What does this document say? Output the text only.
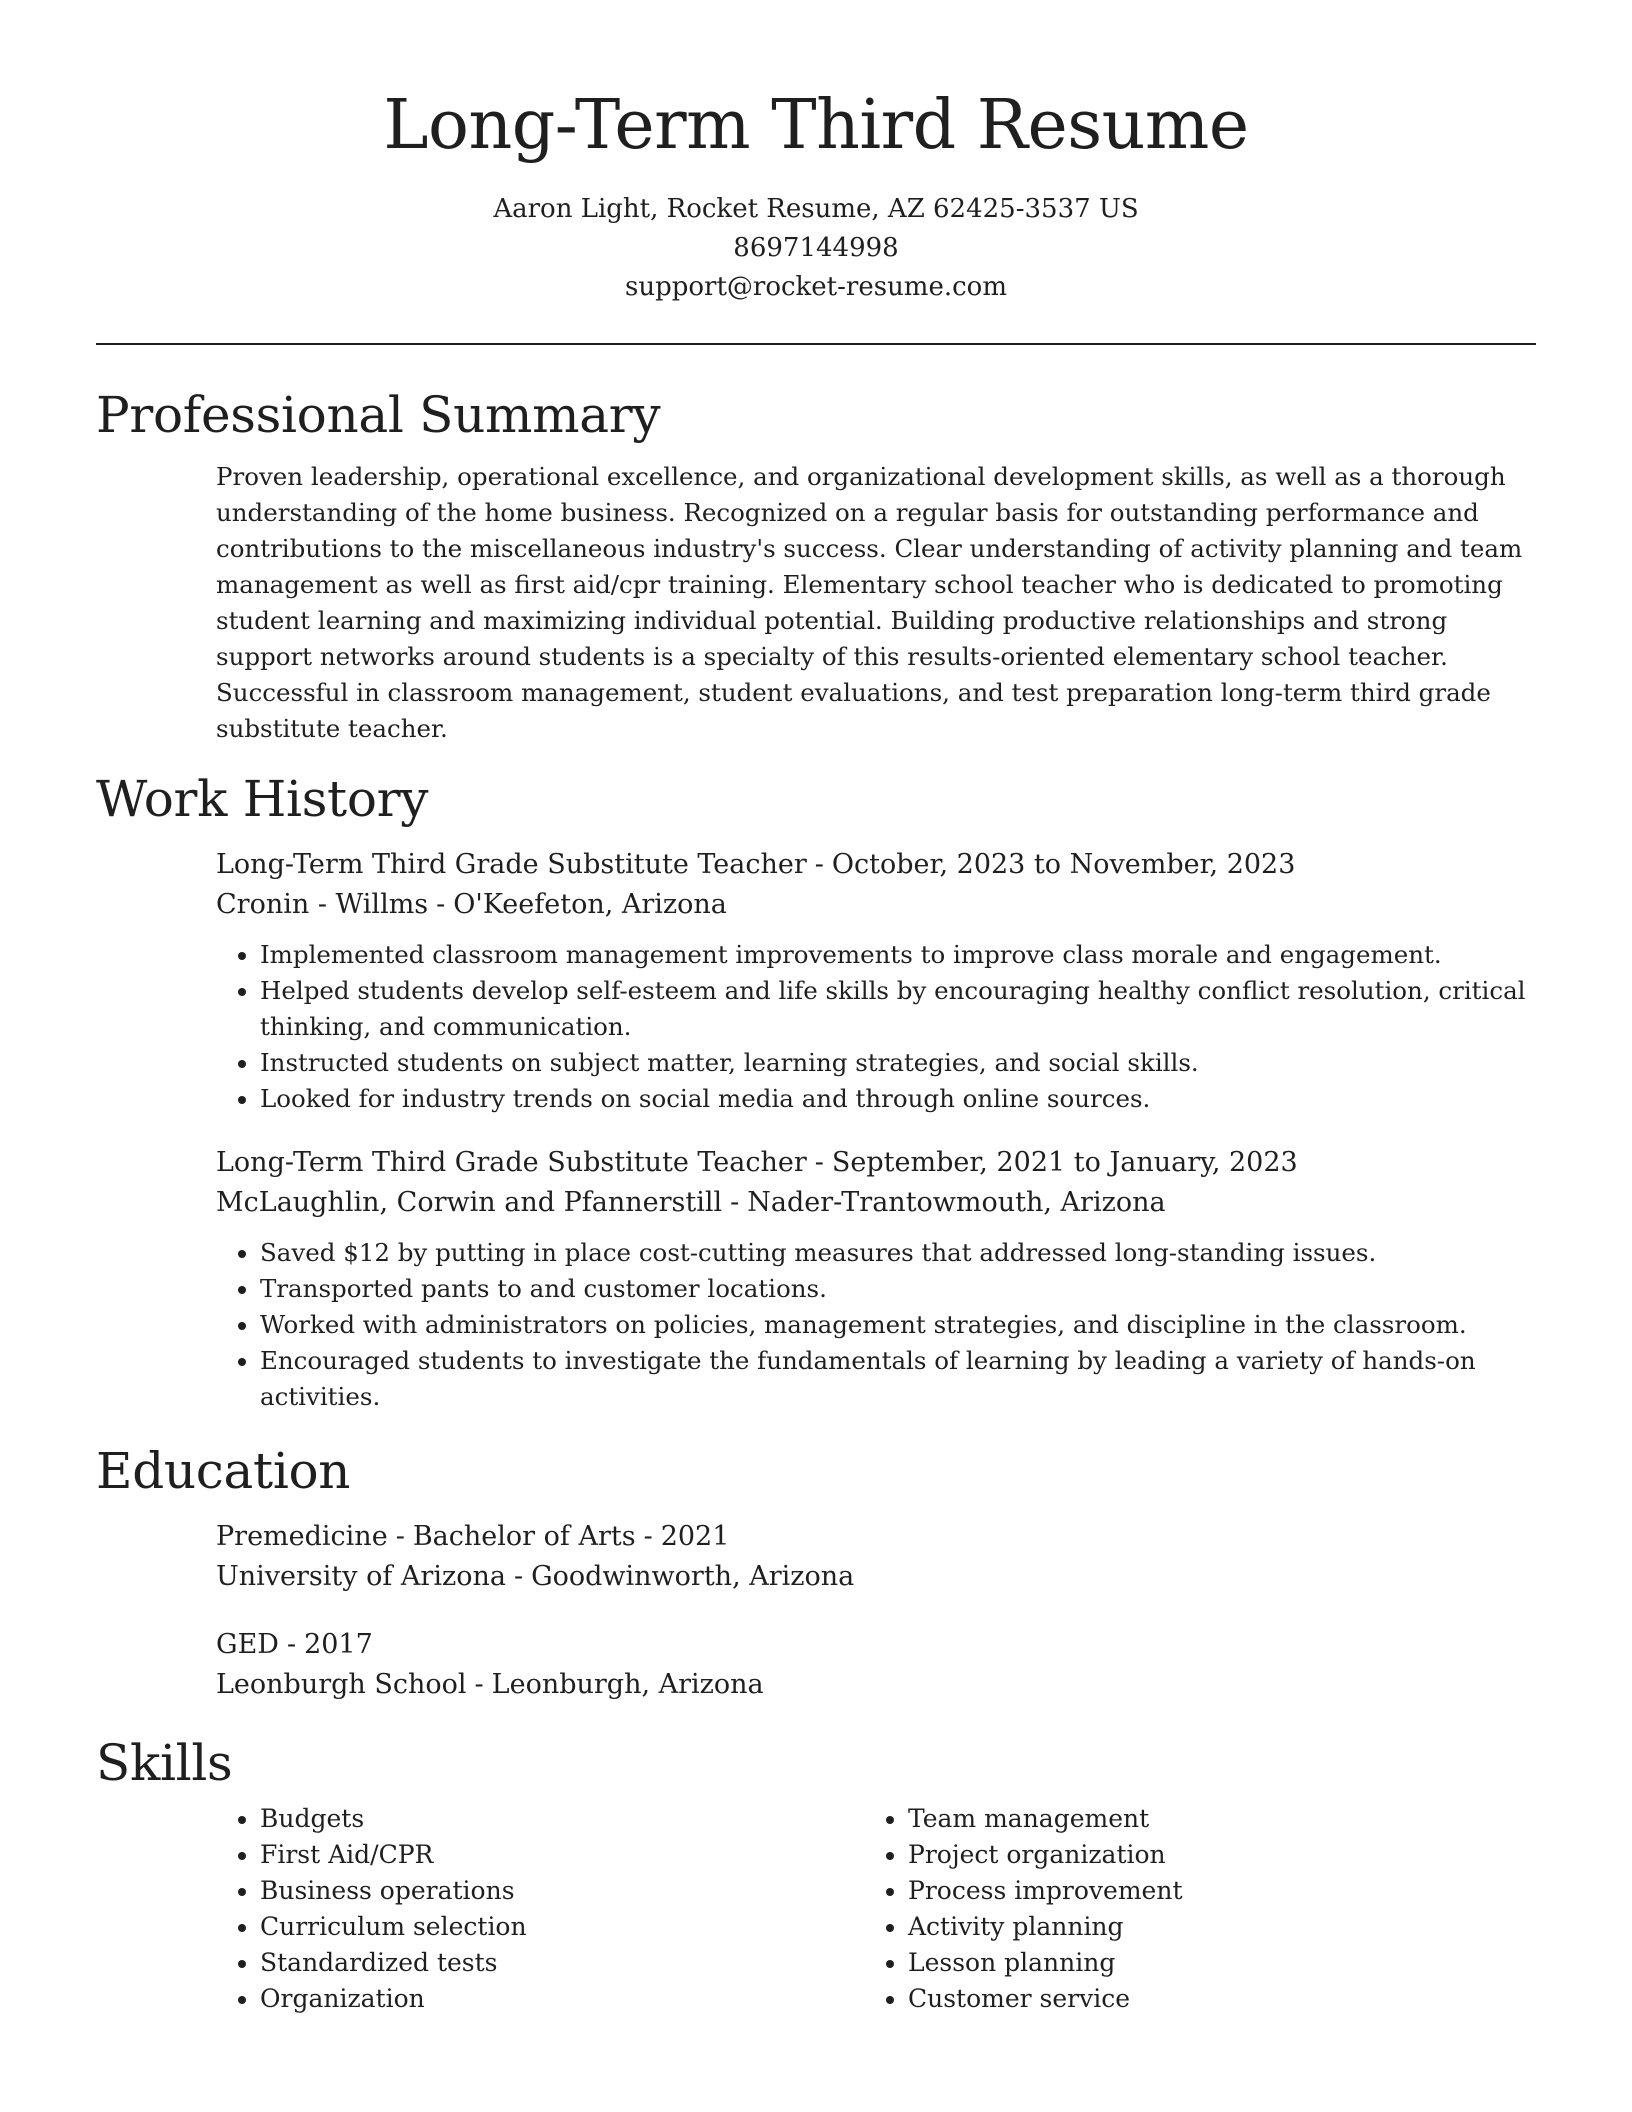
Long-Term Third Resume

Aaron Light, Rocket Resume, AZ 62425-3537 US

8697144998

support@rocket-resume.com

Professional Summary

Proven leadership, operational excellence, and organizational development skills, as well as a thorough understanding of the home business. Recognized on a regular basis for outstanding performance and contributions to the miscellaneous industry's success. Clear understanding of activity planning and team management as well as first aid/cpr training. Elementary school teacher who is dedicated to promoting student learning and maximizing individual potential. Building productive relationships and strong support networks around students is a specialty of this results-oriented elementary school teacher. Successful in classroom management, student evaluations, and test preparation long-term third grade substitute teacher.

Work History

Long-Term Third Grade Substitute Teacher - October, 2023 to November, 2023

Cronin - Willms - O'Keefeton, Arizona

• Implemented classroom management improvements to improve class morale and engagement.
• Helped students develop self-esteem and life skills by encouraging healthy conflict resolution, critical thinking, and communication.
• Instructed students on subject matter, learning strategies, and social skills.
• Looked for industry trends on social media and through online sources.

Long-Term Third Grade Substitute Teacher - September, 2021 to January, 2023

McLaughlin, Corwin and Pfannerstill - Nader-Trantowmouth, Arizona

• Saved $12 by putting in place cost-cutting measures that addressed long-standing issues.
• Transported pants to and customer locations.
• Worked with administrators on policies, management strategies, and discipline in the classroom.
• Encouraged students to investigate the fundamentals of learning by leading a variety of hands-on activities.
Education

Premedicine - Bachelor of Arts - 2021

University of Arizona - Goodwinworth, Arizona

GED - 2017

Leonburgh School - Leonburgh, Arizona

Skills
• Budgets
• First Aid/CPR
• Business operations
• Curriculum selection
• Standardized tests
• Organization
• Team management
• Project organization
• Process improvement
• Activity planning
• Lesson planning
• Customer service
